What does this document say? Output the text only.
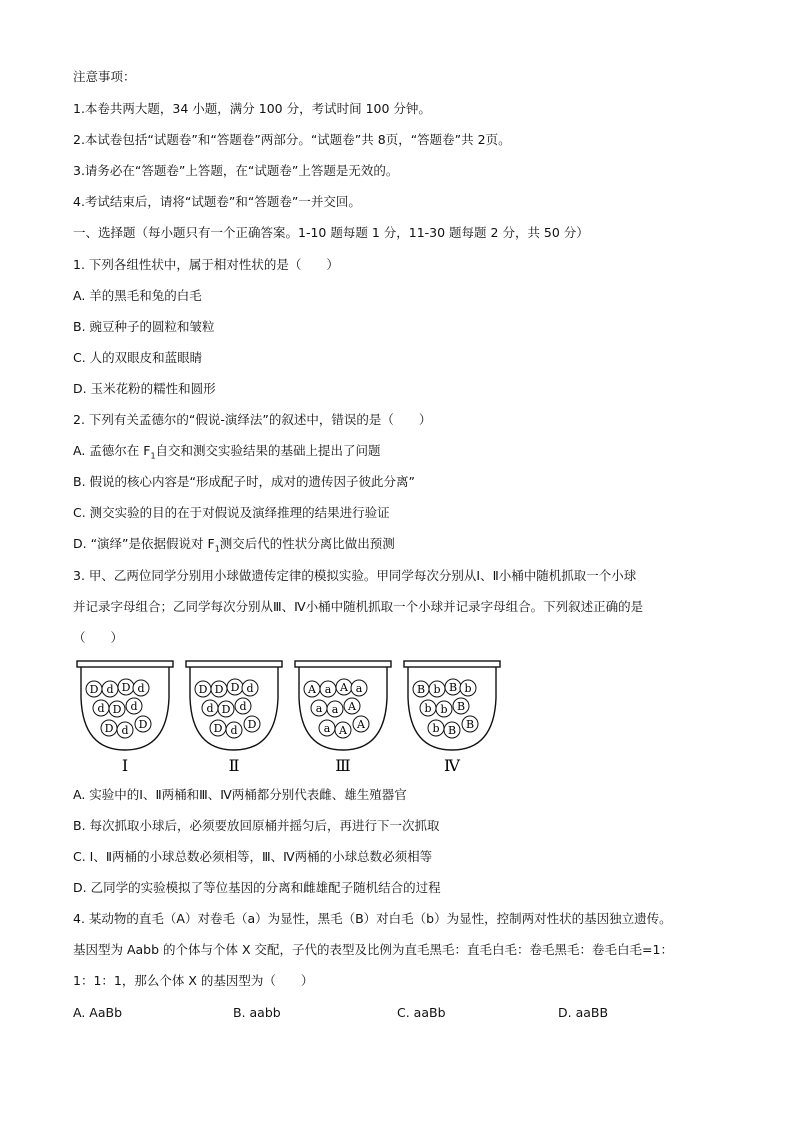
注意事项：
1.本卷共两大题，34 小题，满分 100 分，考试时间 100 分钟。
2.本试卷包括“试题卷”和“答题卷”两部分。“试题卷”共 8页，“答题卷”共 2页。
3.请务必在“答题卷”上答题，在“试题卷”上答题是无效的。
4.考试结束后，请将“试题卷”和“答题卷”一并交回。
一、选择题（每小题只有一个正确答案。1-10 题每题 1 分，11-30 题每题 2 分，共 50 分）
1. 下列各组性状中，属于相对性状的是（　　）
A. 羊的黑毛和兔的白毛
B. 豌豆种子的圆粒和皱粒
C. 人的双眼皮和蓝眼睛
D. 玉米花粉的糯性和圆形
2. 下列有关孟德尔的“假说-演绎法”的叙述中，错误的是（　　）
A. 孟德尔在 $F_1$自交和测交实验结果的基础上提出了问题
B. 假说的核心内容是“形成配子时，成对的遗传因子彼此分离”
C. 测交实验的目的在于对假说及演绎推理的结果进行验证
D. “演绎”是依据假说对 $F_1$测交后代的性状分离比做出预测
3. 甲、乙两位同学分别用小球做遗传定律的模拟实验。甲同学每次分别从Ⅰ、Ⅱ小桶中随机抓取一个小球
并记录字母组合；乙同学每次分别从Ⅲ、Ⅳ小桶中随机抓取一个小球并记录字母组合。下列叙述正确的是
（　　）
D d D d
d D d
D d D
Ⅰ
D D D d
d D d
D d D
Ⅱ
A a A a
a a A
a A A
Ⅲ
B b B b
b b B
b B B
Ⅳ
A. 实验中的Ⅰ、Ⅱ两桶和Ⅲ、Ⅳ两桶都分别代表雌、雄生殖器官
B. 每次抓取小球后，必须要放回原桶并摇匀后，再进行下一次抓取
C. Ⅰ、Ⅱ两桶的小球总数必须相等，Ⅲ、Ⅳ两桶的小球总数必须相等
D. 乙同学的实验模拟了等位基因的分离和雌雄配子随机结合的过程
4. 某动物的直毛（A）对卷毛（a）为显性，黑毛（B）对白毛（b）为显性，控制两对性状的基因独立遗传。
基因型为 Aabb 的个体与个体 X 交配，子代的表型及比例为直毛黑毛：直毛白毛：卷毛黑毛：卷毛白毛=1：
1：1：1，那么个体 X 的基因型为（　　）
A. AaBb	B. aabb	C. aaBb	D. aaBB
